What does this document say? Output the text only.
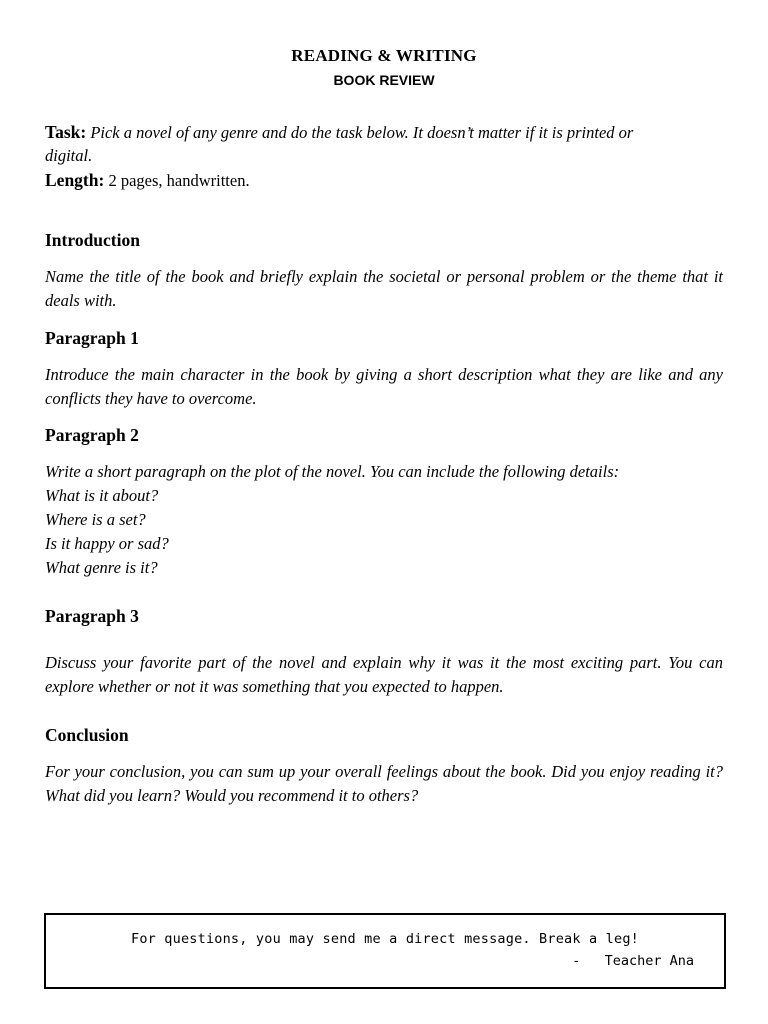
READING & WRITING
BOOK REVIEW
Task: Pick a novel of any genre and do the task below. It doesn’t matter if it is printed or
digital.
Length: 2 pages, handwritten.
Introduction
Name the title of the book and briefly explain the societal or personal problem or the theme that it deals with.
Paragraph 1
Introduce the main character in the book by giving a short description what they are like and any conflicts they have to overcome.
Paragraph 2
Write a short paragraph on the plot of the novel. You can include the following details:
What is it about?
Where is a set?
Is it happy or sad?
What genre is it?
Paragraph 3
Discuss your favorite part of the novel and explain why it was it the most exciting part. You can explore whether or not it was something that you expected to happen.
Conclusion
For your conclusion, you can sum up your overall feelings about the book. Did you enjoy reading it? What did you learn? Would you recommend it to others?
For questions, you may send me a direct message. Break a leg!
-   Teacher Ana
